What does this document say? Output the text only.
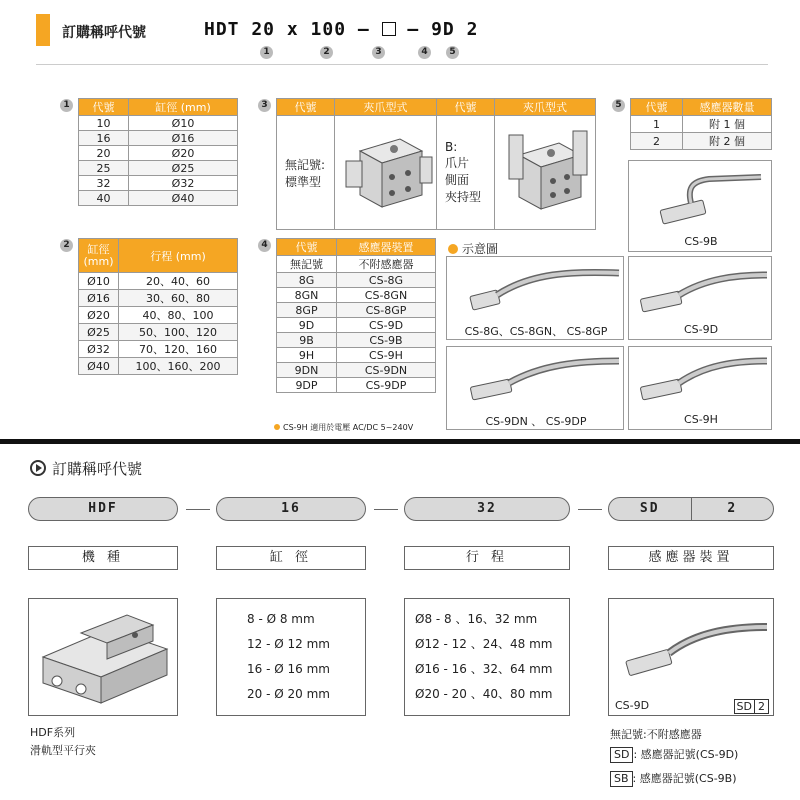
訂購稱呼代號	HDT 20 x 100 –  – 9D 2
1	2	3	4	5
1	代號	缸徑 (mm)
10	Ø10
16	Ø16
20	Ø20
25	Ø25
32	Ø32
40	Ø40
2	缸徑 (mm)	行程 (mm)
Ø10	20、40、60
Ø16	30、60、80
Ø20	40、80、100
Ø25	50、100、120
Ø32	70、120、160
Ø40	100、160、200
3	代號	夾爪型式	代號	夾爪型式
無記號:
標準型		B:
爪片
側面
夾持型	
4	代號	感應器裝置
無記號	不附感應器
8G	CS-8G
8GN	CS-8GN
8GP	CS-8GP
9D	CS-9D
9B	CS-9B
9H	CS-9H
9DN	CS-9DN
9DP	CS-9DP
CS-9H 適用於電壓 AC/DC 5~240V
5	代號	感應器數量
1	附 1 個
2	附 2 個
示意圖
CS-9B
CS-8G、CS-8GN、 CS-8GP	CS-9D
CS-9DN 、 CS-9DP	CS-9H
訂購稱呼代號
HDF	16	32	SD	2
機 種	缸 徑	行 程	感應器裝置
HDF系列
滑軌型平行夾
8 - Ø 8 mm
12 - Ø 12 mm
16 - Ø 16 mm
20 - Ø 20 mm
Ø8 - 8 、16、32 mm
Ø12 - 12 、24、48 mm
Ø16 - 16 、32、64 mm
Ø20 - 20 、40、80 mm
CS-9D	SD 2
無記號:不附感應器
SD : 感應器記號(CS-9D)
SB : 感應器記號(CS-9B)
